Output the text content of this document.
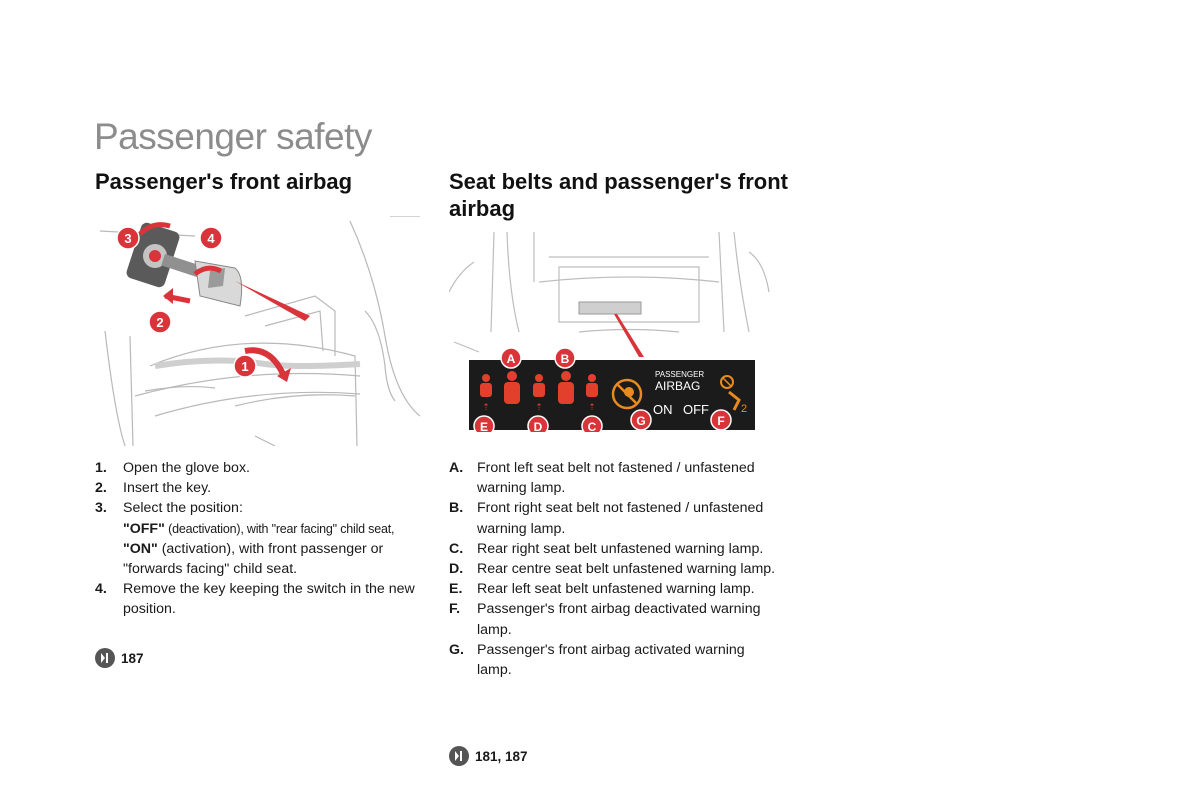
Passenger safety
Passenger's front airbag	Seat belts and passenger's front airbag
3	4
2
1
⇡	⇡	⇡
PASSENGER
AIRBAG
ON OFF	2
A	B
E	D	C	G	F
1. Open the glove box.
2. Insert the key.
3. Select the position:
"OFF" (deactivation), with "rear facing" child seat,
"ON" (activation), with front passenger or "forwards facing" child seat.
4. Remove the key keeping the switch in the new position.
187
A. Front left seat belt not fastened / unfastened warning lamp.
B. Front right seat belt not fastened / unfastened warning lamp.
C. Rear right seat belt unfastened warning lamp.
D. Rear centre seat belt unfastened warning lamp.
E. Rear left seat belt unfastened warning lamp.
F. Passenger's front airbag deactivated warning lamp.
G. Passenger's front airbag activated warning lamp.
181, 187
